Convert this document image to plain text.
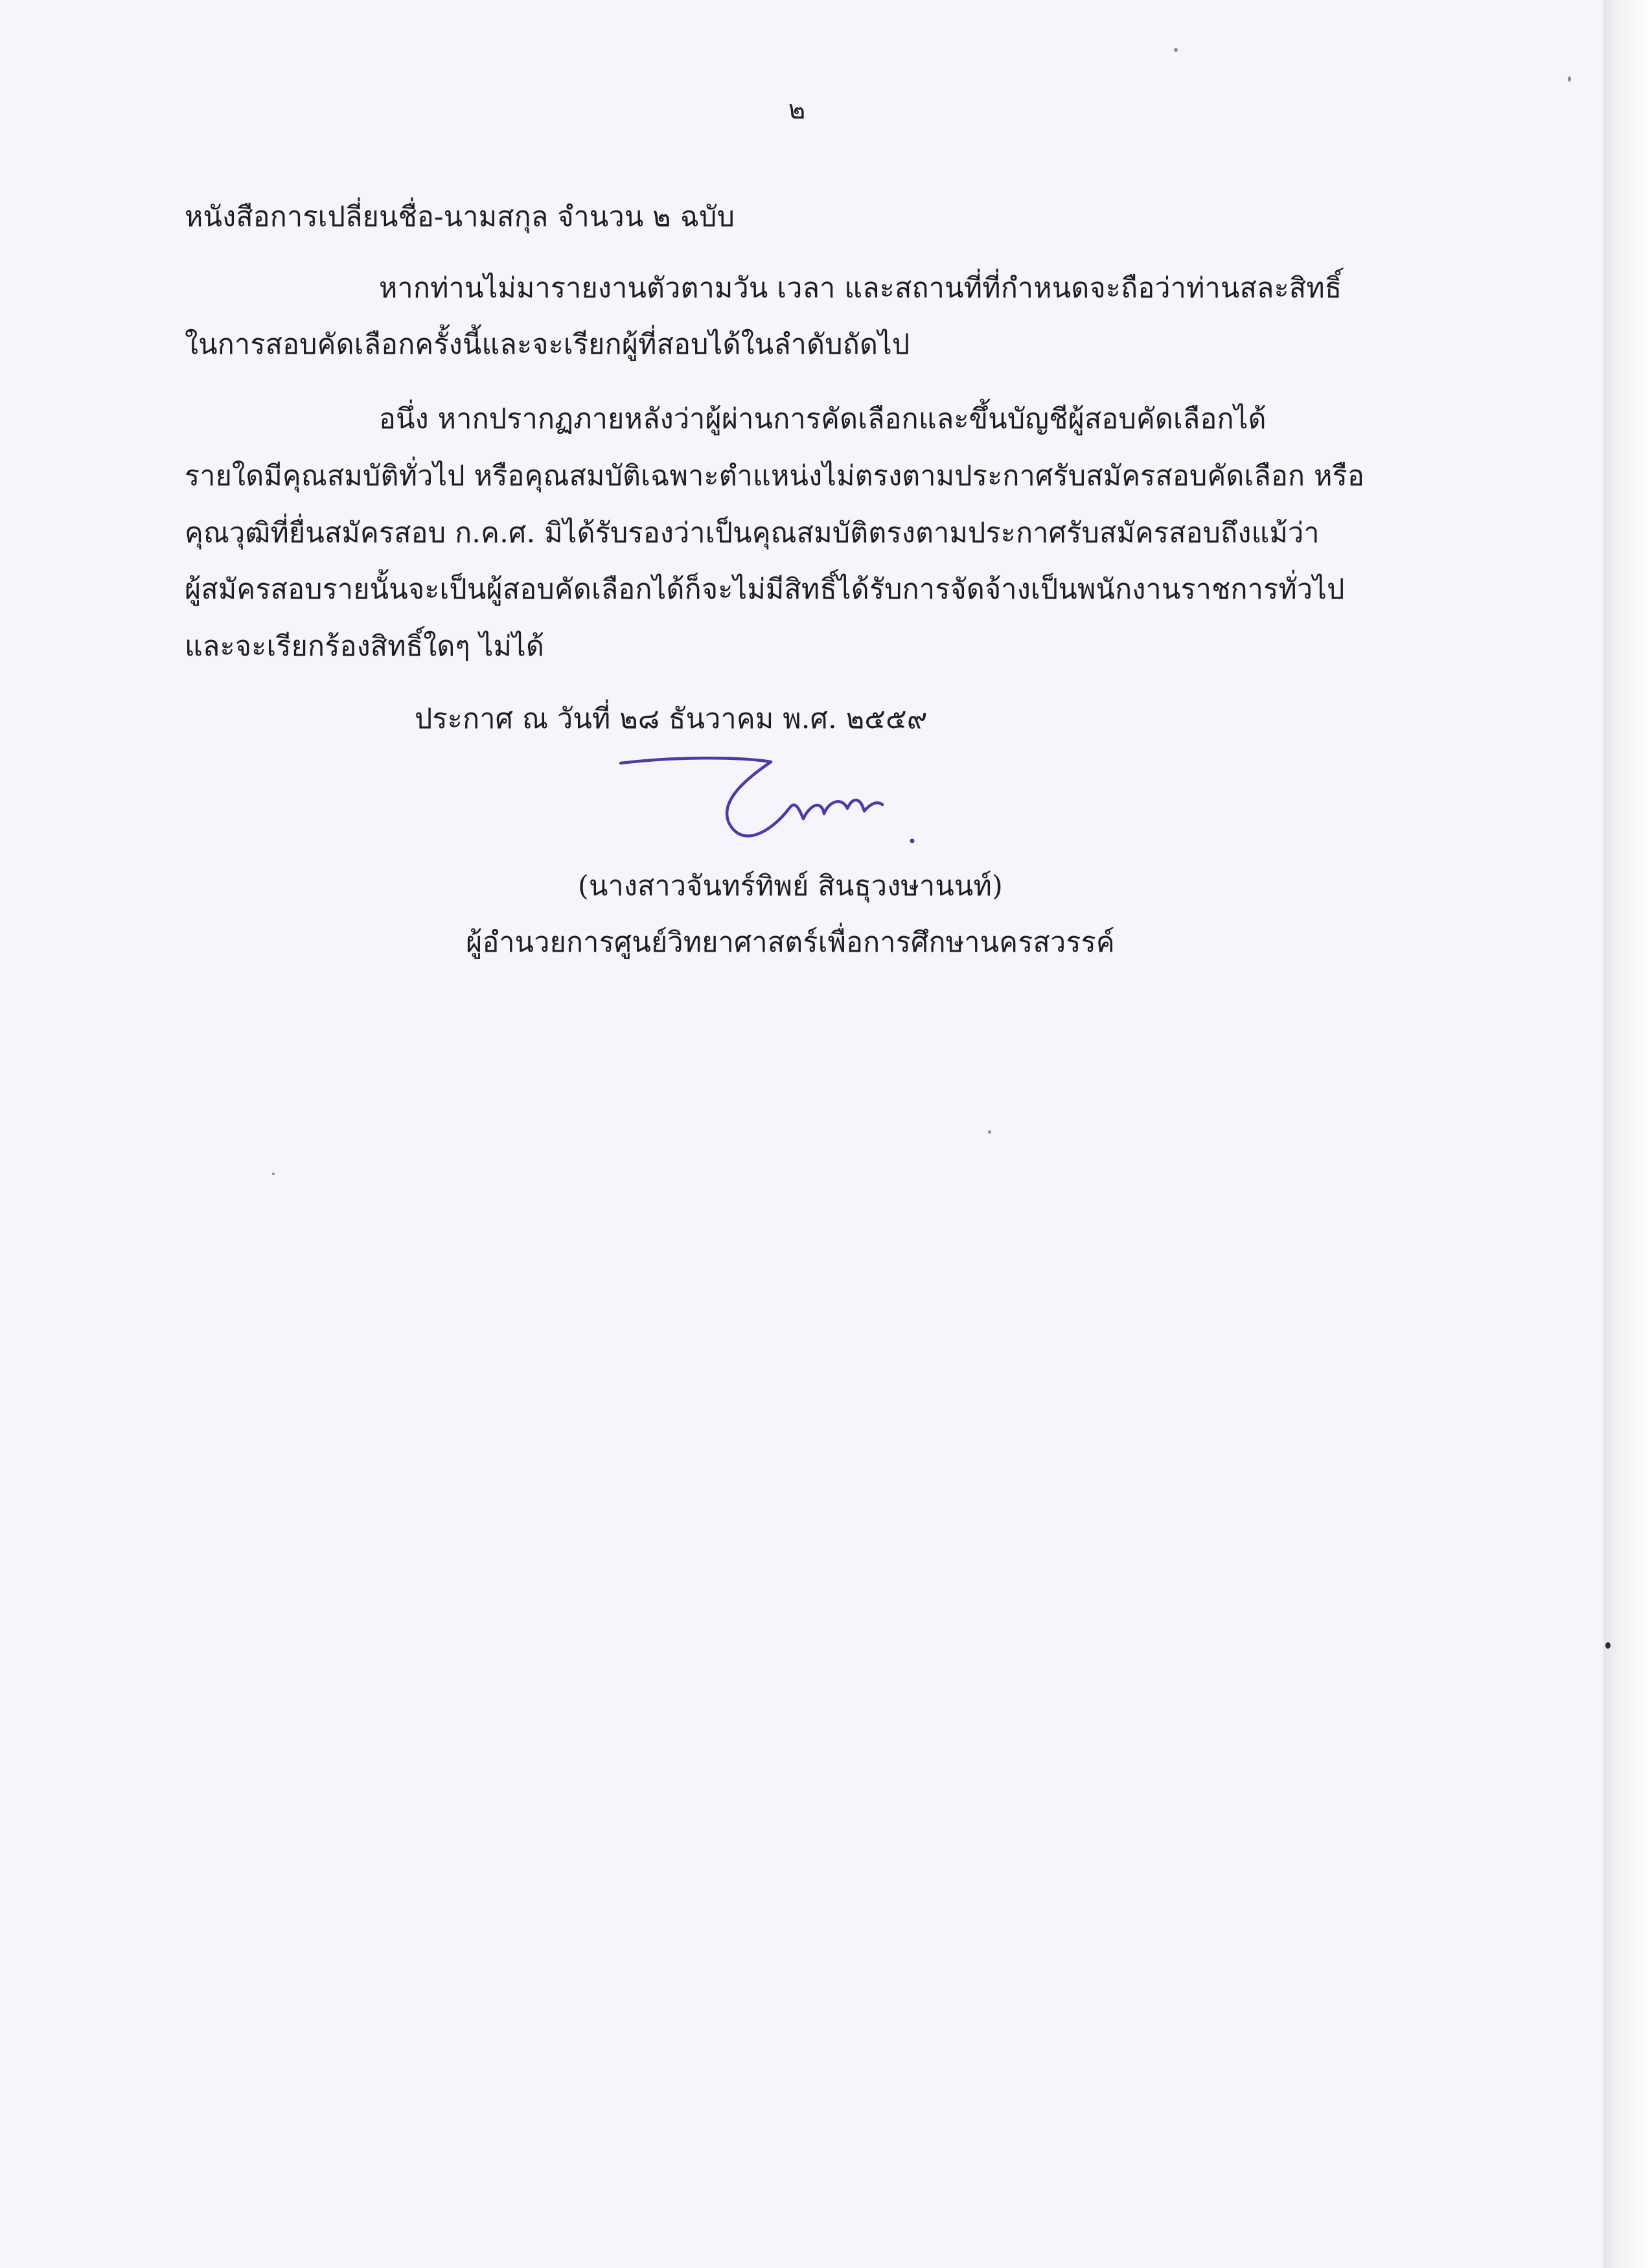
๒

หนังสือการเปลี่ยนชื่อ-นามสกุล จำนวน ๒ ฉบับ

หากท่านไม่มารายงานตัวตามวัน เวลา และสถานที่ที่กำหนดจะถือว่าท่านสละสิทธิ์

ในการสอบคัดเลือกครั้งนี้และจะเรียกผู้ที่สอบได้ในลำดับถัดไป

อนึ่ง หากปรากฏภายหลังว่าผู้ผ่านการคัดเลือกและขึ้นบัญชีผู้สอบคัดเลือกได้

รายใดมีคุณสมบัติทั่วไป หรือคุณสมบัติเฉพาะตำแหน่งไม่ตรงตามประกาศรับสมัครสอบคัดเลือก หรือ

คุณวุฒิที่ยื่นสมัครสอบ ก.ค.ศ. มิได้รับรองว่าเป็นคุณสมบัติตรงตามประกาศรับสมัครสอบถึงแม้ว่า

ผู้สมัครสอบรายนั้นจะเป็นผู้สอบคัดเลือกได้ก็จะไม่มีสิทธิ์ได้รับการจัดจ้างเป็นพนักงานราชการทั่วไป

และจะเรียกร้องสิทธิ์ใดๆ ไม่ได้

ประกาศ ณ วันที่ ๒๘ ธันวาคม พ.ศ. ๒๕๕๙

(นางสาวจันทร์ทิพย์ สินธุวงษานนท์)

ผู้อำนวยการศูนย์วิทยาศาสตร์เพื่อการศึกษานครสวรรค์
